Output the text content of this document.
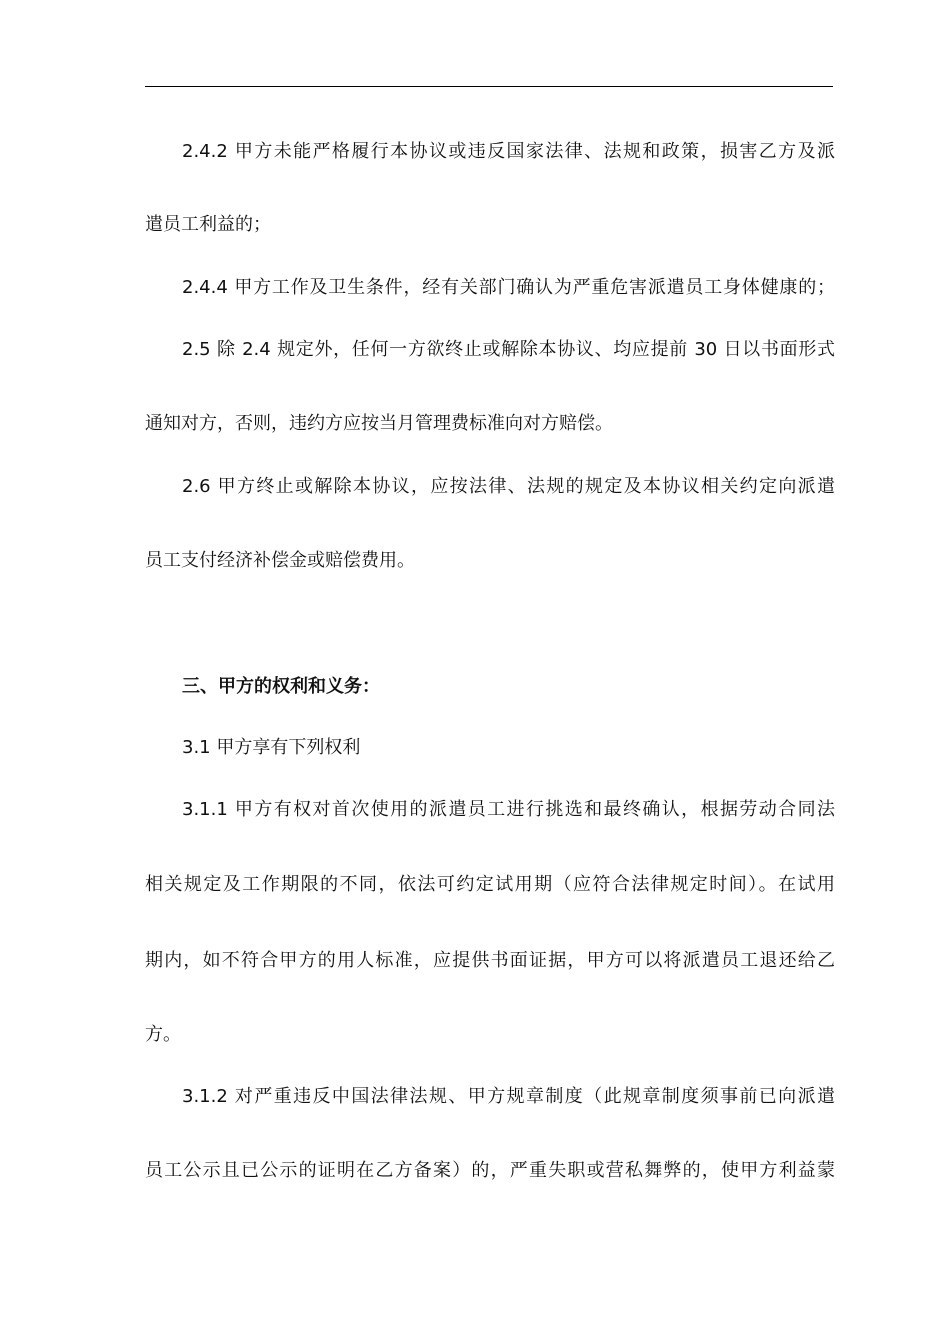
2.4.2 甲方未能严格履行本协议或违反国家法律、法规和政策，损害乙方及派
遣员工利益的；
2.4.4 甲方工作及卫生条件，经有关部门确认为严重危害派遣员工身体健康的；
2.5 除 2.4 规定外，任何一方欲终止或解除本协议、均应提前 30 日以书面形式
通知对方，否则，违约方应按当月管理费标准向对方赔偿。
2.6 甲方终止或解除本协议，应按法律、法规的规定及本协议相关约定向派遣
员工支付经济补偿金或赔偿费用。
三、甲方的权利和义务：
3.1 甲方享有下列权利
3.1.1 甲方有权对首次使用的派遣员工进行挑选和最终确认，根据劳动合同法
相关规定及工作期限的不同，依法可约定试用期（应符合法律规定时间）。在试用
期内，如不符合甲方的用人标准，应提供书面证据，甲方可以将派遣员工退还给乙
方。
3.1.2 对严重违反中国法律法规、甲方规章制度（此规章制度须事前已向派遣
员工公示且已公示的证明在乙方备案）的，严重失职或营私舞弊的，使甲方利益蒙
